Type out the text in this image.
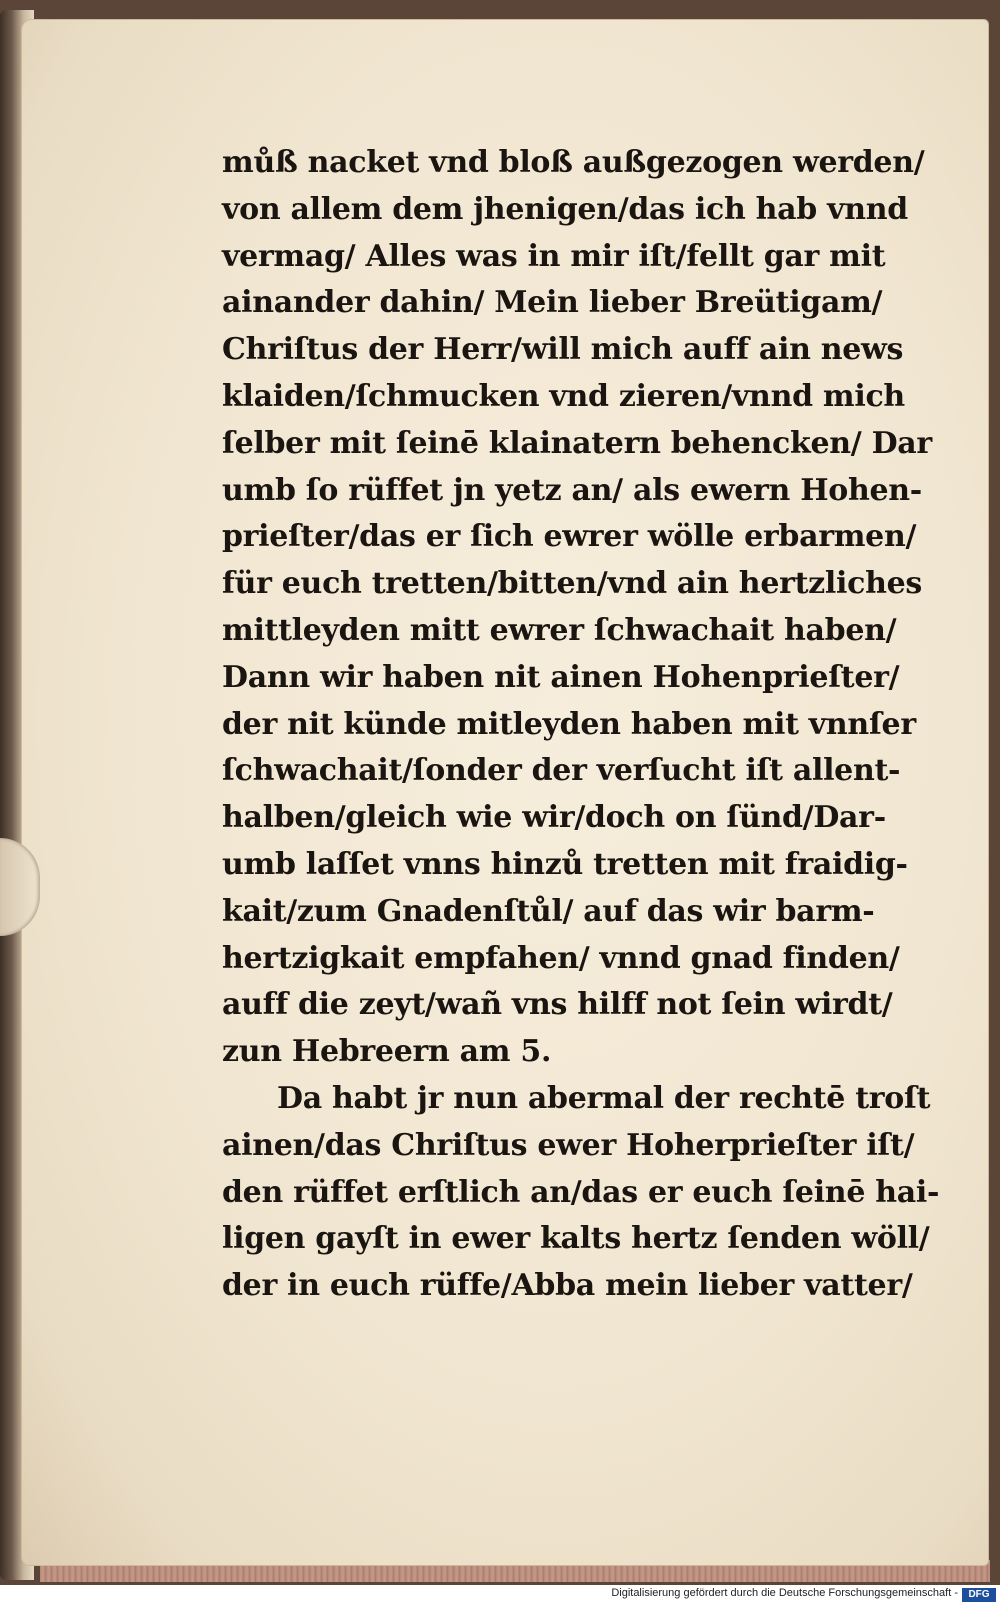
můß nacket vnd bloß außgezogen werden/
von allem dem jhenigen/das ich hab vnnd
vermag/ Alles was in mir iſt/fellt gar mit
ainander dahin/ Mein lieber Breütigam/
Chriſtus der Herr/will mich auff ain news
klaiden/ſchmucken vnd zieren/vnnd mich
ſelber mit ſeinē klainatern behencken/ Dar
umb ſo rüffet jn yetz an/ als ewern Hohen-
prieſter/das er ſich ewrer wölle erbarmen/
für euch tretten/bitten/vnd ain hertzliches
mittleyden mitt ewrer ſchwachait haben/
Dann wir haben nit ainen Hohenprieſter/
der nit künde mitleyden haben mit vnnſer
ſchwachait/ſonder der verſucht iſt allent-
halben/gleich wie wir/doch on ſünd/Dar-
umb laſſet vnns hinzů tretten mit fraidig-
kait/zum Gnadenſtůl/ auf das wir barm-
hertzigkait empfahen/ vnnd gnad finden/
auff die zeyt/wañ vns hilff not ſein wirdt/
zun Hebreern am 5.
Da habt jr nun abermal der rechtē troſt
ainen/das Chriſtus ewer Hoherprieſter iſt/
den rüffet erſtlich an/das er euch ſeinē hai-
ligen gayſt in ewer kalts hertz ſenden wöll/
der in euch rüffe/Abba mein lieber vatter/
Digitalisierung gefördert durch die Deutsche Forschungsgemeinschaft -	DFG
